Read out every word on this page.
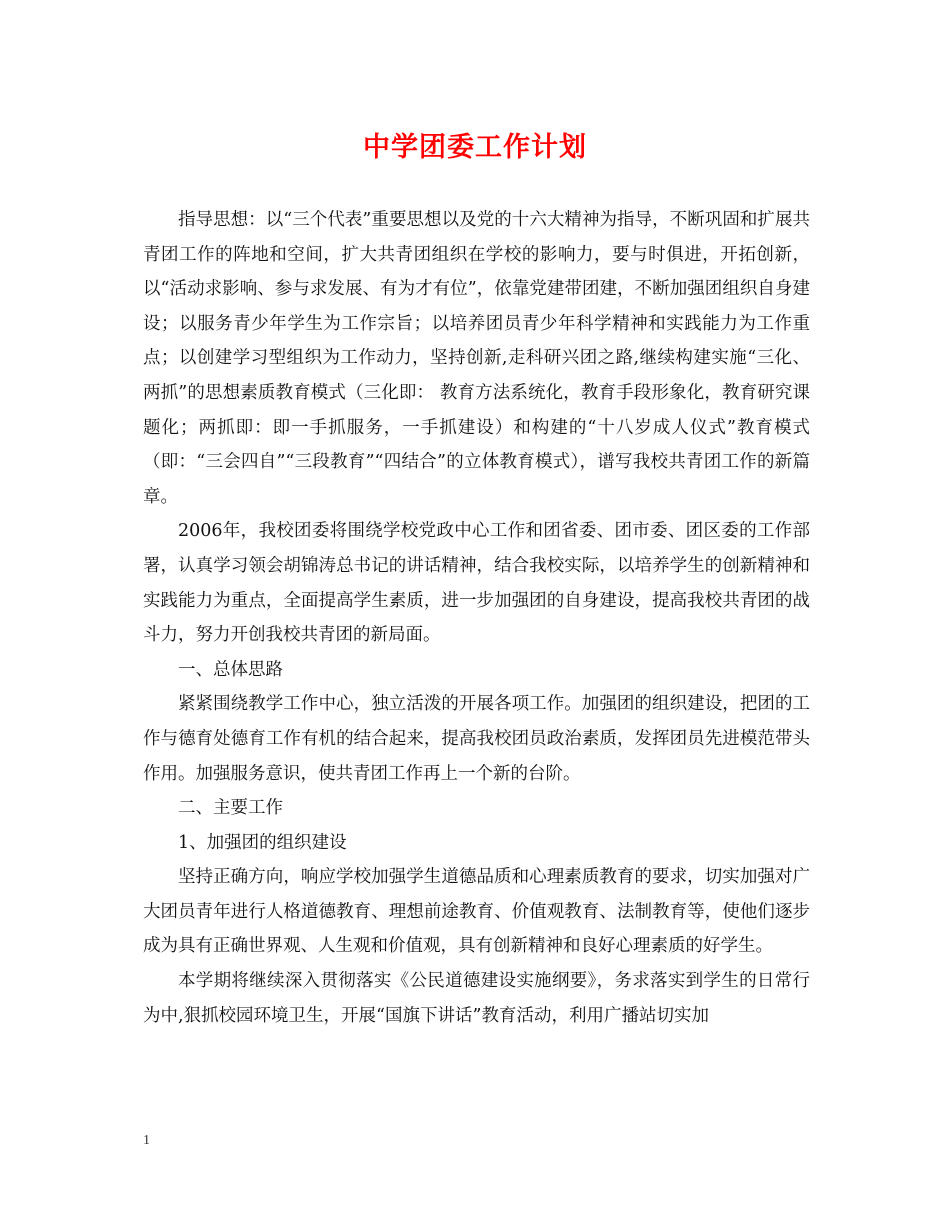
中学团委工作计划

指导思想：以“三个代表”重要思想以及党的十六大精神为指导，不断巩固和扩展共青团工作的阵地和空间，扩大共青团组织在学校的影响力，要与时俱进，开拓创新，以“活动求影响、参与求发展、有为才有位”，依靠党建带团建，不断加强团组织自身建设；以服务青少年学生为工作宗旨；以培养团员青少年科学精神和实践能力为工作重点；以创建学习型组织为工作动力，坚持创新,走科研兴团之路,继续构建实施“三化、两抓”的思想素质教育模式（三化即： 教育方法系统化，教育手段形象化，教育研究课题化；两抓即：即一手抓服务，一手抓建设）和构建的“十八岁成人仪式”教育模式（即：“三会四自”“三段教育”“四结合”的立体教育模式），谱写我校共青团工作的新篇章。

2006年，我校团委将围绕学校党政中心工作和团省委、团市委、团区委的工作部署，认真学习领会胡锦涛总书记的讲话精神，结合我校实际，以培养学生的创新精神和实践能力为重点，全面提高学生素质，进一步加强团的自身建设，提高我校共青团的战斗力，努力开创我校共青团的新局面。

一、总体思路

紧紧围绕教学工作中心，独立活泼的开展各项工作。加强团的组织建设，把团的工作与德育处德育工作有机的结合起来，提高我校团员政治素质，发挥团员先进模范带头作用。加强服务意识，使共青团工作再上一个新的台阶。

二、主要工作

1、加强团的组织建设

坚持正确方向，响应学校加强学生道德品质和心理素质教育的要求，切实加强对广大团员青年进行人格道德教育、理想前途教育、价值观教育、法制教育等，使他们逐步成为具有正确世界观、人生观和价值观，具有创新精神和良好心理素质的好学生。

本学期将继续深入贯彻落实《公民道德建设实施纲要》，务求落实到学生的日常行为中,狠抓校园环境卫生，开展“国旗下讲话”教育活动，利用广播站切实加

1
